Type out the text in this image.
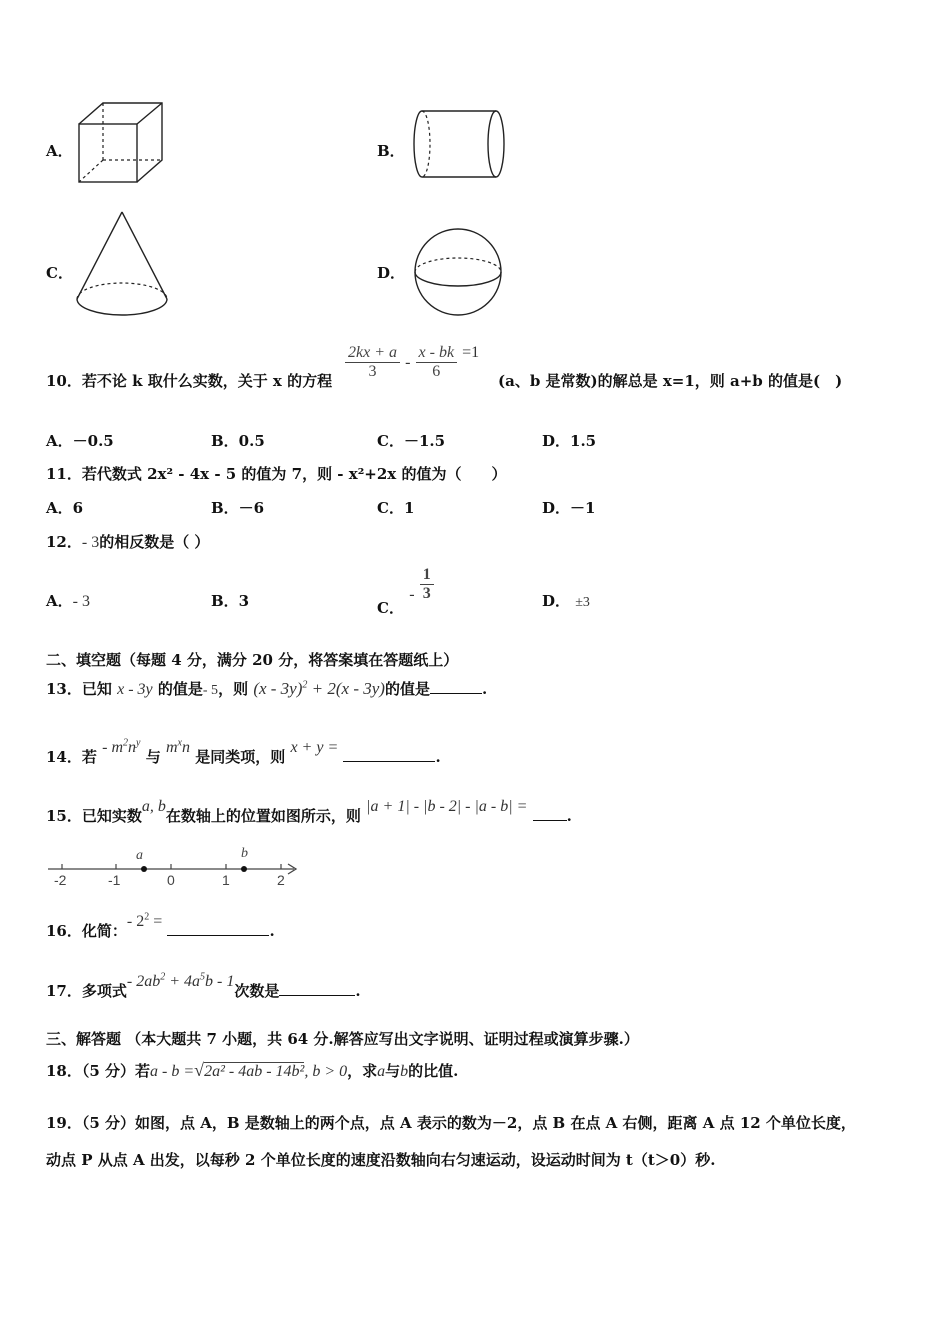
A．	B．
C．	D．
10．若不论 k 取什么实数，关于 x 的方程 $\frac{2kx + a}{3} - \frac{x - bk}{6} =1$
(a、b 是常数)的解总是 x=1，则 a+b 的值是(　)
A．－0.5	B．0.5	C．－1.5	D．1.5
11．若代数式 2x² - 4x - 5 的值为 7，则 - x²+2x 的值为（　　）
A．6	B．－6	C．1	D．－1
12．- 3的相反数是（ ）
A．- 3	B．3	C． - $\frac{1}{3}$	D． ±3
二、填空题（每题 4 分，满分 20 分，将答案填在答题纸上）
13．已知 x - 3y 的值是- 5，则 (x - 3y)$^2$ + 2(x - 3y)的值是	.
14．若 - $m^2n^y$ 与 $m^xn$ 是同类项，则 x + y = .
15．已知实数a, b在数轴上的位置如图所示，则 |a + 1| - |b - 2| - |a - b| = .
-2	-1	0	1	2
a	b
16．化简：- $2^2$ = .
17．多项式- $2ab^2 + 4a^5b - 1$次数是	.
三、解答题 （本大题共 7 小题，共 64 分.解答应写出文字说明、证明过程或演算步骤.）
18．（5 分）若a - b =√2a² - 4ab - 14b², b > 0，求a与b的比值.
19．（5 分）如图，点 A，B 是数轴上的两个点，点 A 表示的数为－2，点 B 在点 A 右侧，距离 A 点 12 个单位长度，
动点 P 从点 A 出发，以每秒 2 个单位长度的速度沿数轴向右匀速运动，设运动时间为 t（t＞0）秒.
